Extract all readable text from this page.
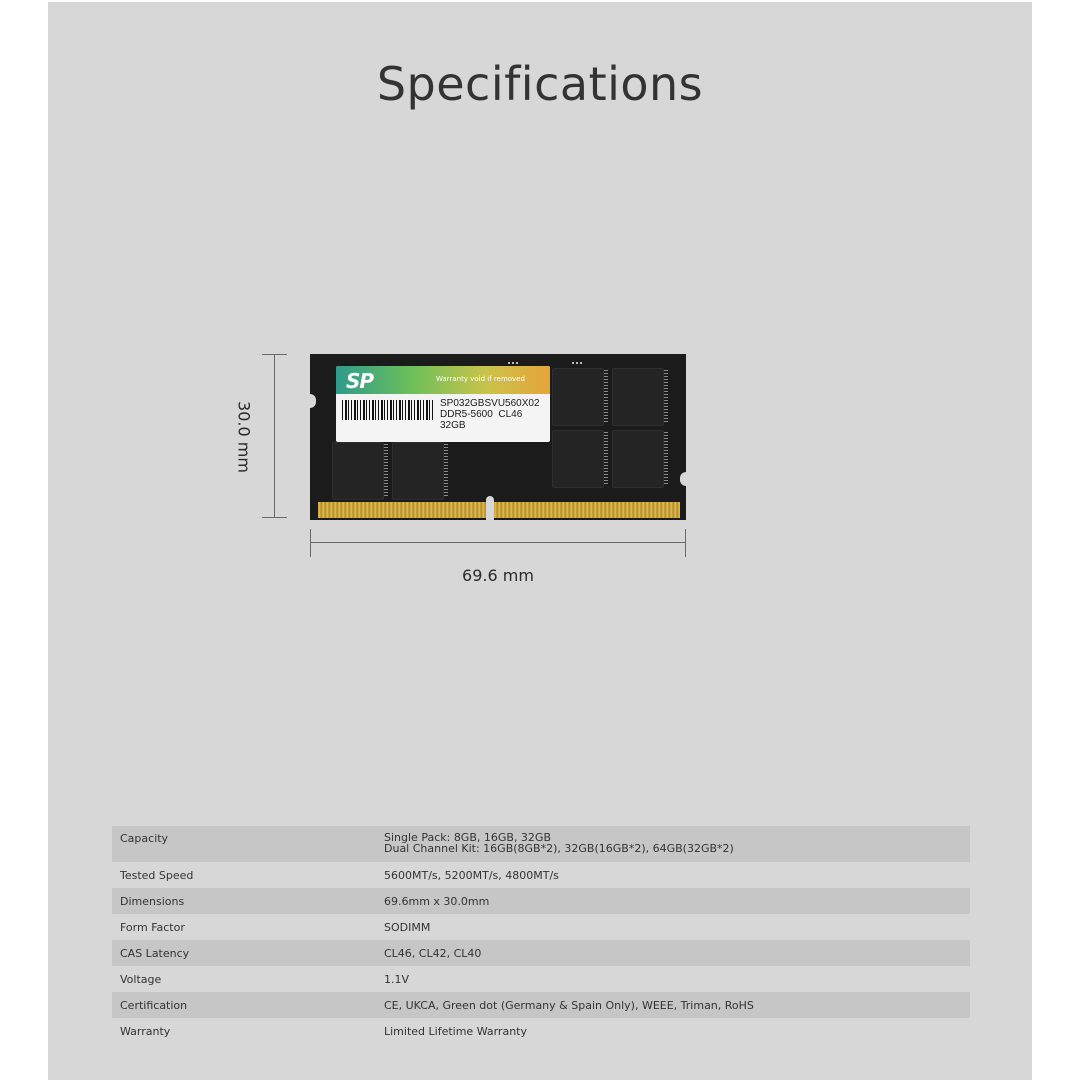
Specifications
30.0 mm
SP	Warranty void if removed
SP032GBSVU560X02
DDR5-5600  CL46
32GB
69.6 mm
Capacity	Single Pack: 8GB, 16GB, 32GB
Dual Channel Kit: 16GB(8GB*2), 32GB(16GB*2), 64GB(32GB*2)
Tested Speed	5600MT/s, 5200MT/s, 4800MT/s
Dimensions	69.6mm x 30.0mm
Form Factor	SODIMM
CAS Latency	CL46, CL42, CL40
Voltage	1.1V
Certification	CE, UKCA, Green dot (Germany & Spain Only), WEEE, Triman, RoHS
Warranty	Limited Lifetime Warranty
